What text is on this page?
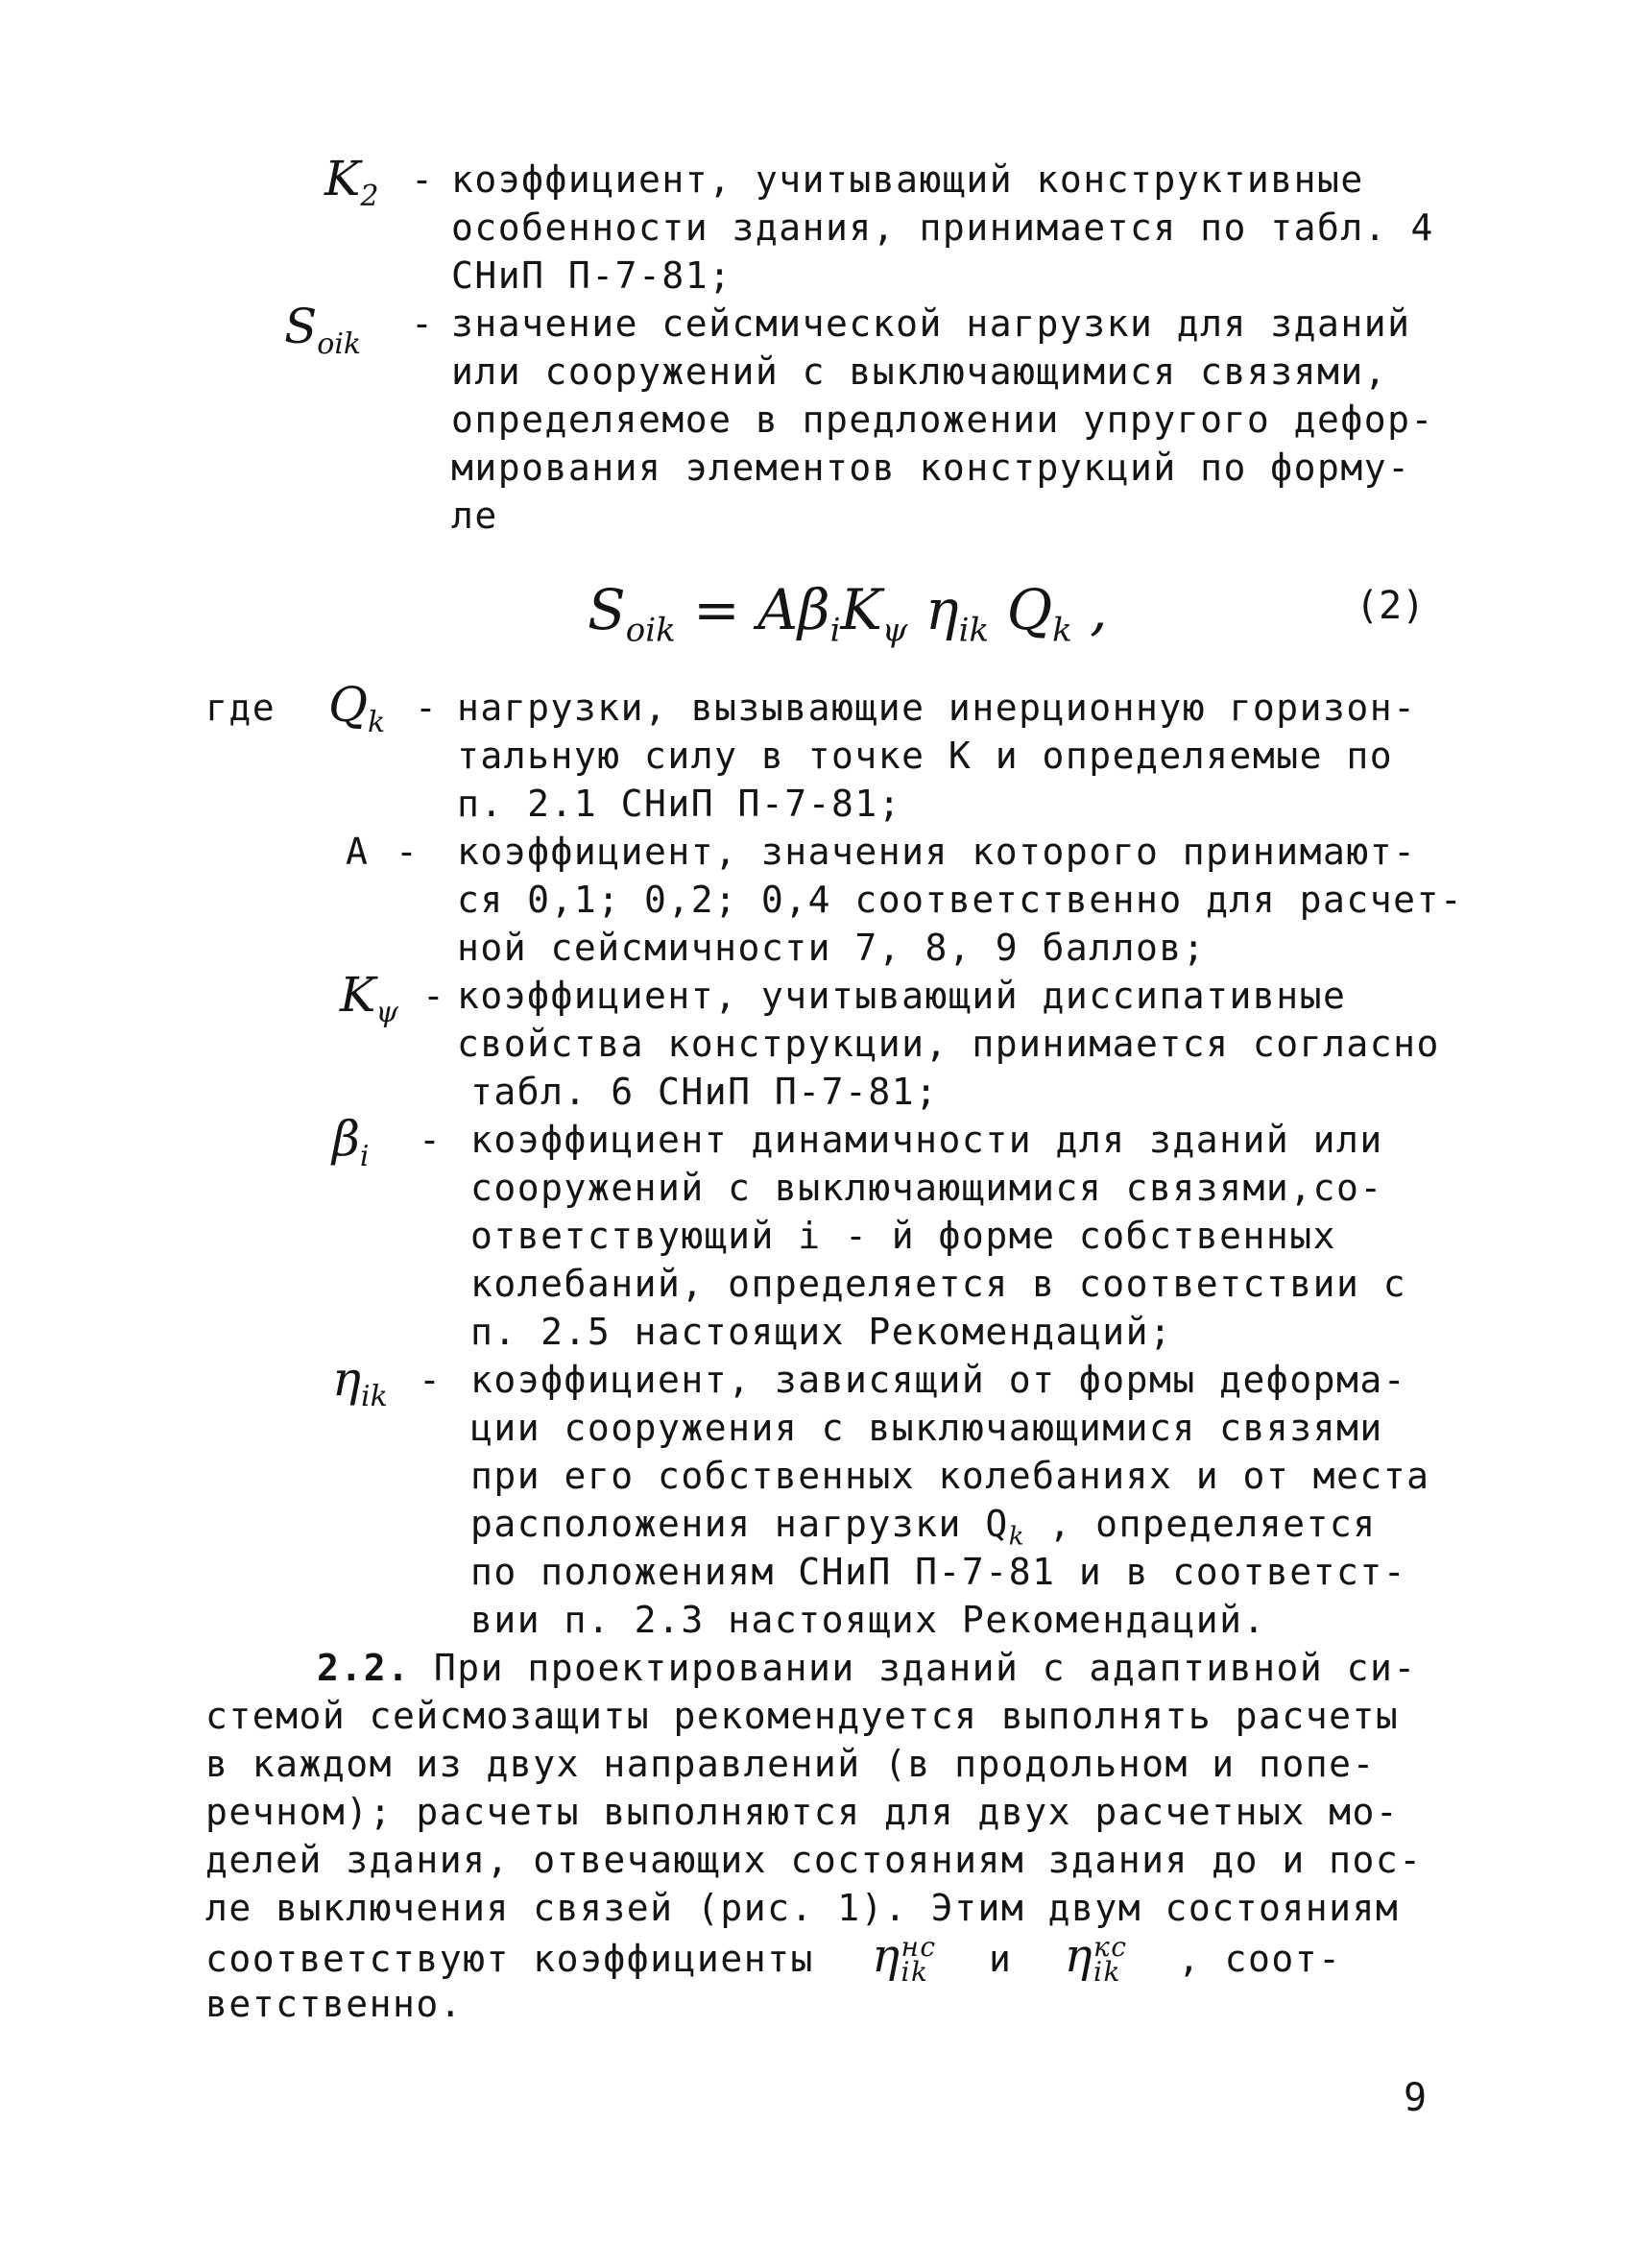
$K_2$ - коэффициент, учитывающий конструктивные
особенности здания, принимается по табл. 4
СНиП П-7-81;
$S_{oik}$ - значение сейсмической нагрузки для зданий
или сооружений с выключающимися связями,
определяемое в предложении упругого дефор-
мирования элементов конструкций по форму-
ле
$S_{oik} = A\beta_iK_\psi$ $\eta_{ik}$ $Q_k$ ,	(2)
где $Q_k$ - нагрузки, вызывающие инерционную горизон-
тальную силу в точке К и определяемые по
п. 2.1 СНиП П-7-81;
A - коэффициент, значения которого принимают-
ся 0,1; 0,2; 0,4 соответственно для расчет-
ной сейсмичности 7, 8, 9 баллов;
$K_\psi$ - коэффициент, учитывающий диссипативные
свойства конструкции, принимается согласно
табл. 6 СНиП П-7-81;
$\beta_i$ - коэффициент динамичности для зданий или
сооружений с выключающимися связями,со-
ответствующий i - й форме собственных
колебаний, определяется в соответствии с
п. 2.5 настоящих Рекомендаций;
$\eta_{ik}$ - коэффициент, зависящий от формы деформа-
ции сооружения с выключающимися связями
при его собственных колебаниях и от места
расположения нагрузки $Q_k$ , определяется
по положениям СНиП П-7-81 и в соответст-
вии п. 2.3 настоящих Рекомендаций.
2.2. При проектировании зданий с адаптивной си-
стемой сейсмозащиты рекомендуется выполнять расчеты
в каждом из двух направлений (в продольном и попе-
речном); расчеты выполняются для двух расчетных мо-
делей здания, отвечающих состояниям здания до и пос-
ле выключения связей (рис. 1). Этим двум состояниям
соответствуют коэффициенты ηнс
ik и ηкс
ik , соот-
ветственно.
9
